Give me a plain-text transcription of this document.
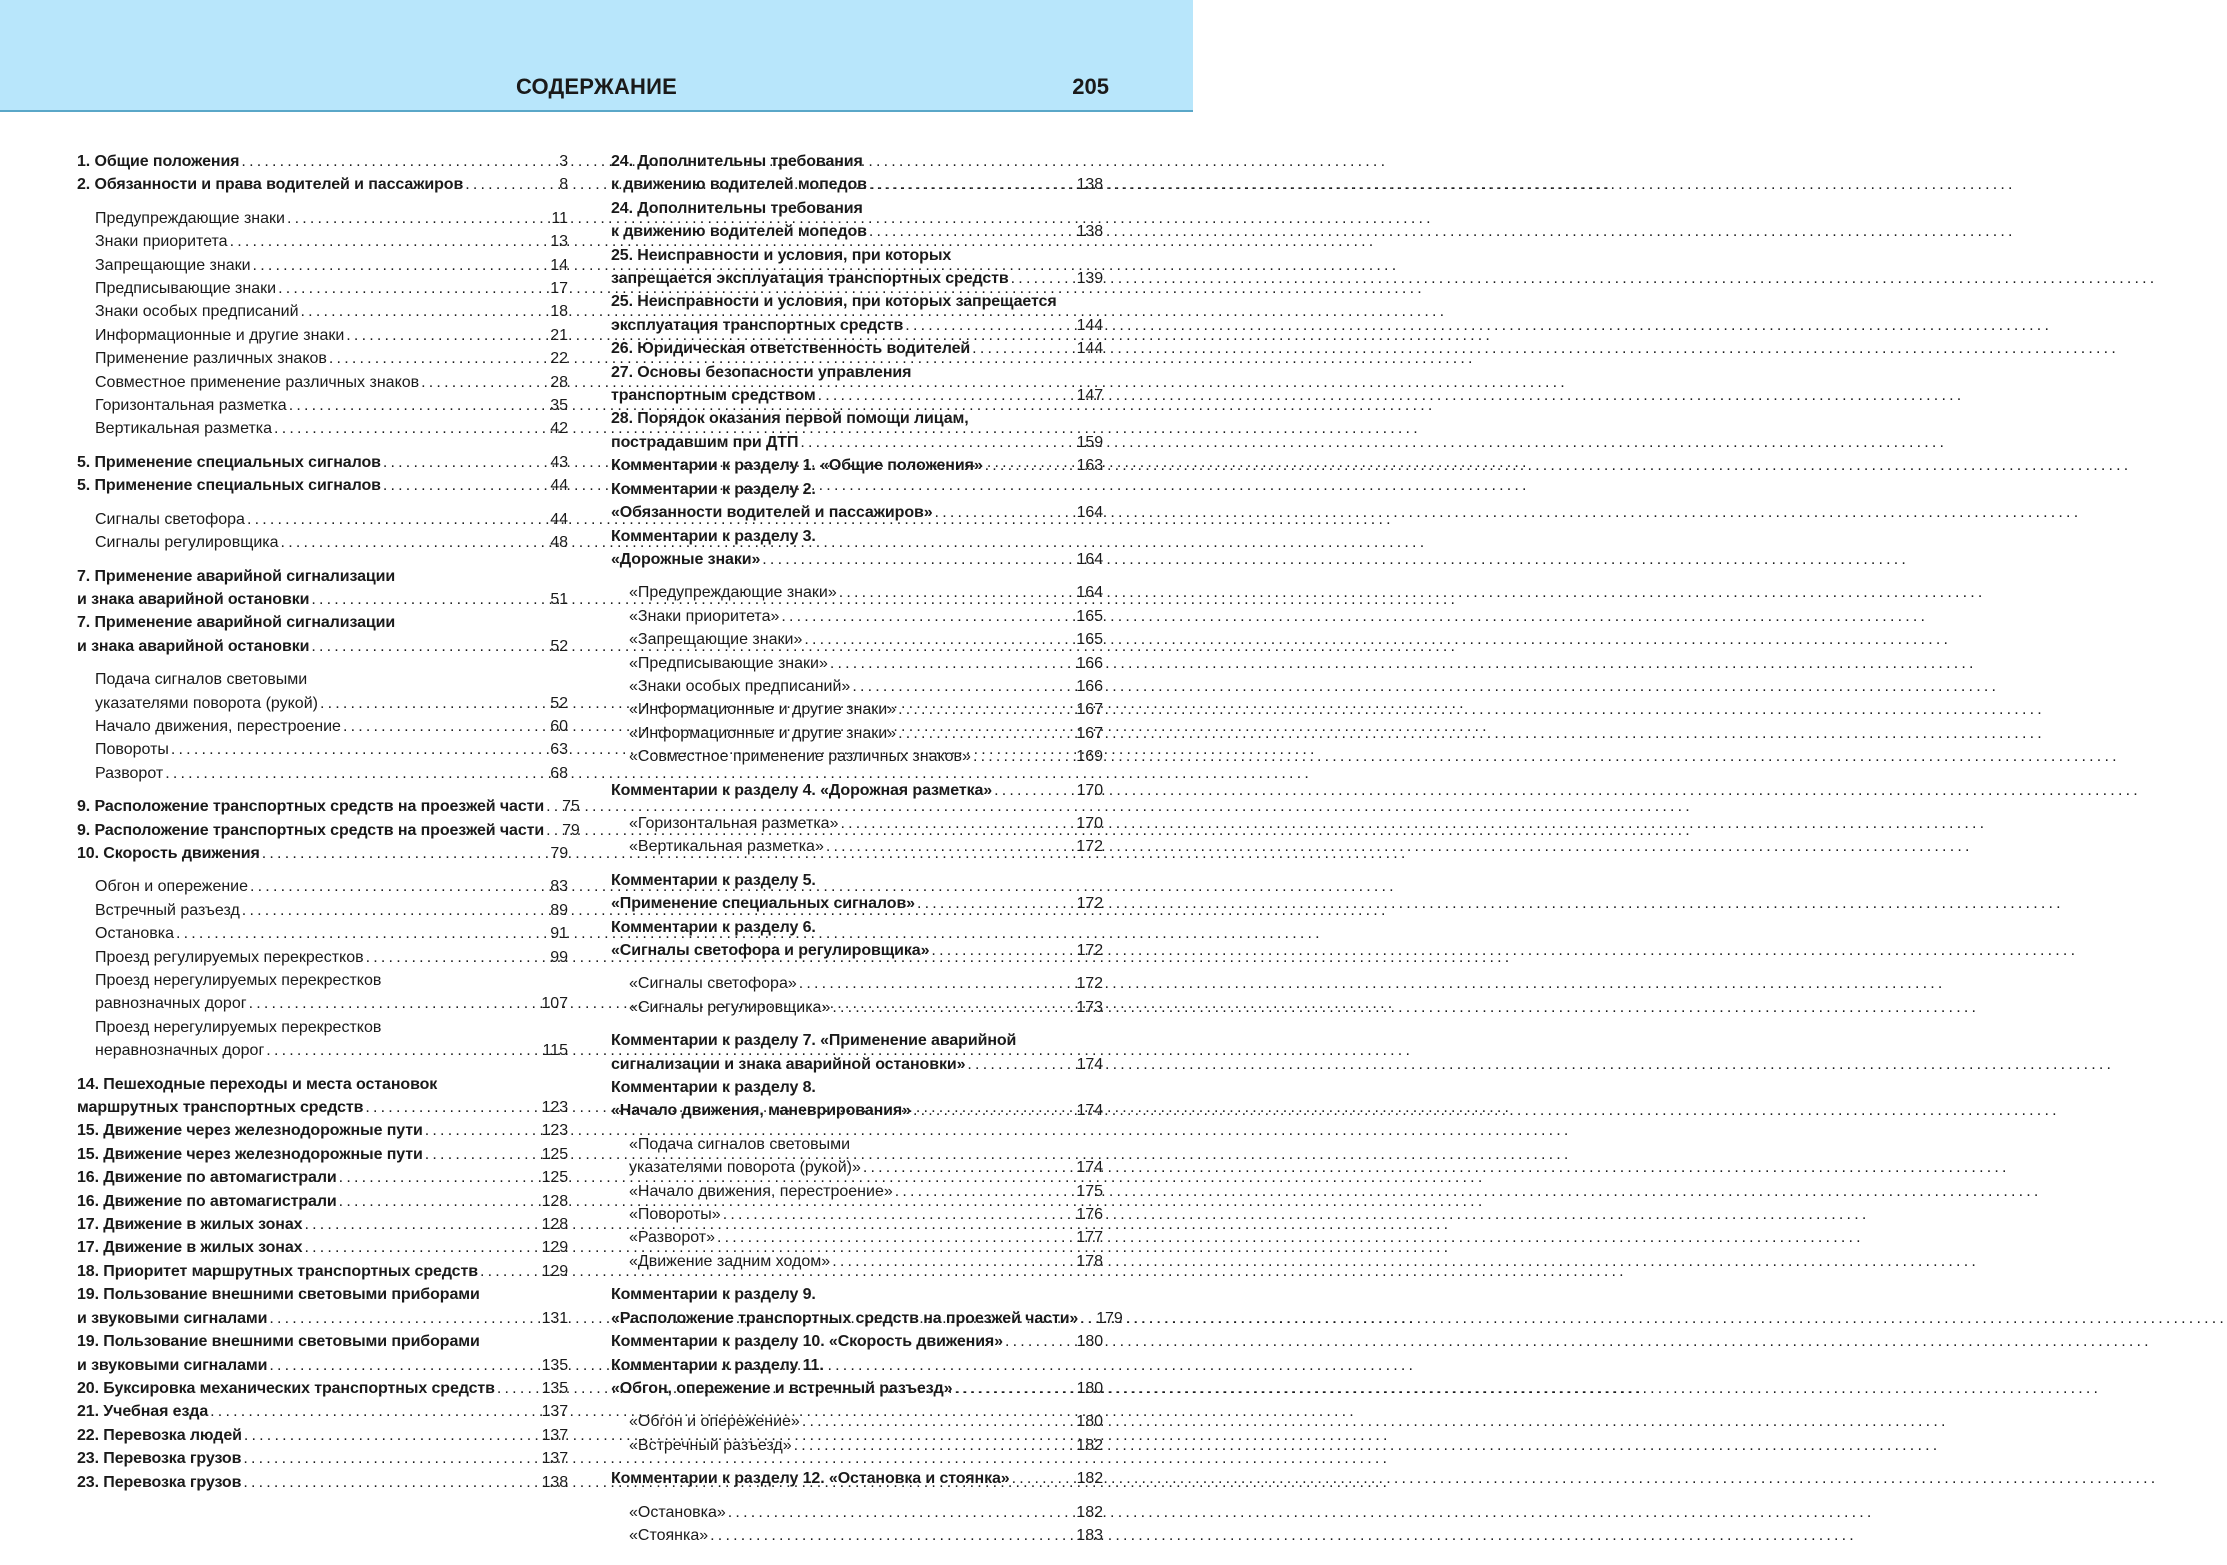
СОДЕРЖАНИЕ	205
1. Общие положения .....	3
2. Обязанности и права водителей и пассажиров .....	8
Предупреждающие знаки .....	11
Знаки приоритета .....	13
Запрещающие знаки .....	14
Предписывающие знаки .....	17
Знаки особых предписаний .....	18
Информационные и другие знаки .....	21
Применение различных знаков .....	22
Совместное применение различных знаков .....	28
Горизонтальная разметка .....	35
Вертикальная разметка .....	42
5. Применение специальных сигналов .....	43
5. Применение специальных сигналов .....	44
Сигналы светофора .....	44
Сигналы регулировщика .....	48
7. Применение аварийной сигнализации
и знака аварийной остановки .....	51
7. Применение аварийной сигнализации
и знака аварийной остановки .....	52
Подача сигналов световыми
указателями поворота (рукой) .....	52
Начало движения, перестроение .....	60
Повороты .....	63
Разворот .....	68
9. Расположение транспортных средств на проезжей части ..... 75
9. Расположение транспортных средств на проезжей части ..... 79
10. Скорость движения .....	79
Обгон и опережение .....	83
Встречный разъезд .....	89
Остановка .....	91
Проезд регулируемых перекрестков .....	99
Проезд нерегулируемых перекрестков
равнозначных дорог .....	107
Проезд нерегулируемых перекрестков
неравнозначных дорог .....	115
14. Пешеходные переходы и места остановок
маршрутных транспортных средств .....	123
15. Движение через железнодорожные пути .....	123
15. Движение через железнодорожные пути .....	125
16. Движение по автомагистрали .....	125
16. Движение по автомагистрали .....	128
17. Движение в жилых зонах .....	128
17. Движение в жилых зонах .....	129
18. Приоритет маршрутных транспортных средств .....	129
19. Пользование внешними световыми приборами
и звуковыми сигналами .....	131
19. Пользование внешними световыми приборами
и звуковыми сигналами .....	135
20. Буксировка механических транспортных средств .....	135
21. Учебная езда .....	137
22. Перевозка людей .....	137
23. Перевозка грузов .....	137
23. Перевозка грузов .....	138
24. Дополнительны требования
к движению водителей мопедов .....	138
24. Дополнительны требования
к движению водителей мопедов .....	138
25. Неисправности и условия, при которых
запрещается эксплуатация транспортных средств .....	139
25. Неисправности и условия, при которых запрещается
эксплуатация транспортных средств .....	144
26. Юридическая ответственность водителей .....	144
27. Основы безопасности управления
транспортным средством .....	147
28. Порядок оказания первой помощи лицам,
пострадавшим при ДТП .....	159
Комментарии к разделу 1. «Общие положения» .....	163
Комментарии к разделу 2.
«Обязанности водителей и пассажиров» .....	164
Комментарии к разделу 3.
«Дорожные знаки» .....	164
«Предупреждающие знаки» .....	164
«Знаки приоритета» .....	165
«Запрещающие знаки» .....	165
«Предписывающие знаки» .....	166
«Знаки особых предписаний» .....	166
«Информационные и другие знаки» .....	167
«Информационные и другие знаки» .....	167
«Совместное применение различных знаков» .....	169
Комментарии к разделу 4. «Дорожная разметка» .....	170
«Горизонтальная разметка» .....	170
«Вертикальная разметка» .....	172
Комментарии к разделу 5.
«Применение специальных сигналов» .....	172
Комментарии к разделу 6.
«Сигналы светофора и регулировщика» .....	172
«Сигналы светофора» .....	172
«Сигналы регулировщика» .....	173
Комментарии к разделу 7. «Применение аварийной
сигнализации и знака аварийной остановки» .....	174
Комментарии к разделу 8.
«Начало движения, маневрирования» .....	174
«Подача сигналов световыми
указателями поворота (рукой)» .....	174
«Начало движения, перестроение» .....	175
«Повороты» .....	176
«Разворот» .....	177
«Движение задним ходом» .....	178
Комментарии к разделу 9.
«Расположение транспортных средств на проезжей части» ..... 179
Комментарии к разделу 10. «Скорость движения» .....	180
Комментарии к разделу 11.
«Обгон, опережение и встречный разъезд» .....	180
«Обгон и опережение» .....	180
«Встречный разъезд» .....	182
Комментарии к разделу 12. «Остановка и стоянка» .....	182
«Остановка» .....	182
«Стоянка» .....	183
